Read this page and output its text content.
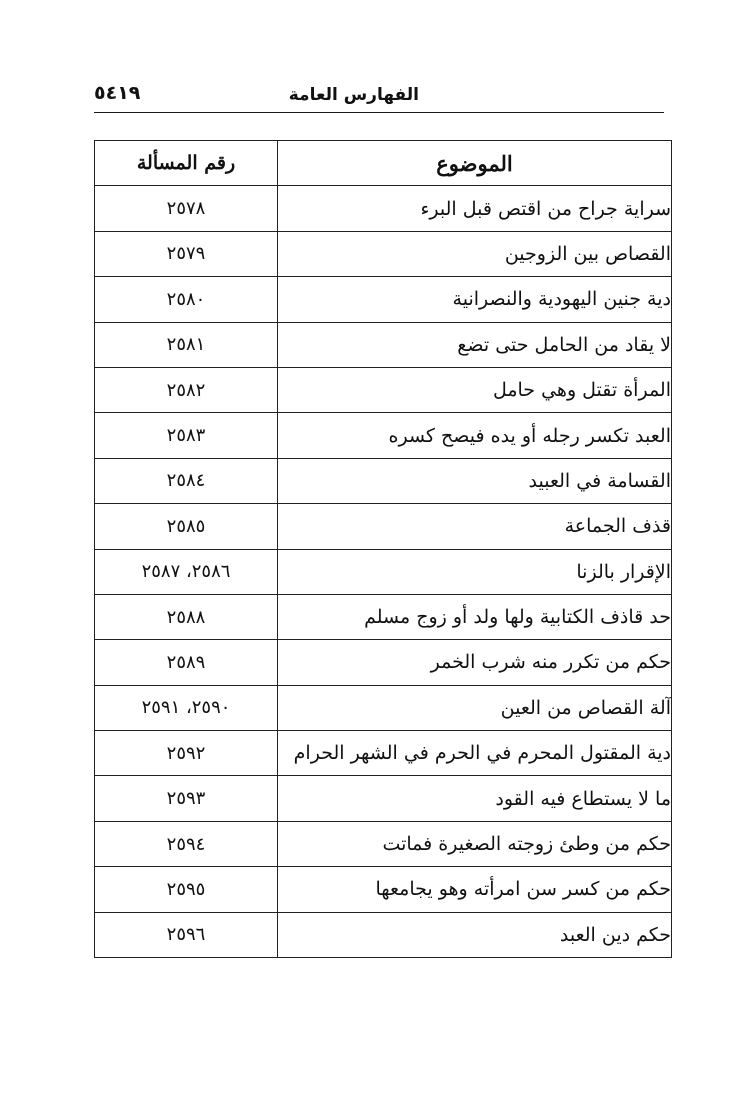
الفهارس العامة
٥٤١٩
الموضوع	رقم المسألة
سراية جراح من اقتص قبل البرء	٢٥٧٨
القصاص بين الزوجين	٢٥٧٩
دية جنين اليهودية والنصرانية	٢٥٨٠
لا يقاد من الحامل حتى تضع	٢٥٨١
المرأة تقتل وهي حامل	٢٥٨٢
العبد تكسر رجله أو يده فيصح كسره	٢٥٨٣
القسامة في العبيد	٢٥٨٤
قذف الجماعة	٢٥٨٥
الإقرار بالزنا	٢٥٨٦، ٢٥٨٧
حد قاذف الكتابية ولها ولد أو زوج مسلم	٢٥٨٨
حكم من تكرر منه شرب الخمر	٢٥٨٩
آلة القصاص من العين	٢٥٩٠، ٢٥٩١
دية المقتول المحرم في الحرم في الشهر الحرام	٢٥٩٢
ما لا يستطاع فيه القود	٢٥٩٣
حكم من وطئ زوجته الصغيرة فماتت	٢٥٩٤
حكم من كسر سن امرأته وهو يجامعها	٢٥٩٥
حكم دين العبد	٢٥٩٦
